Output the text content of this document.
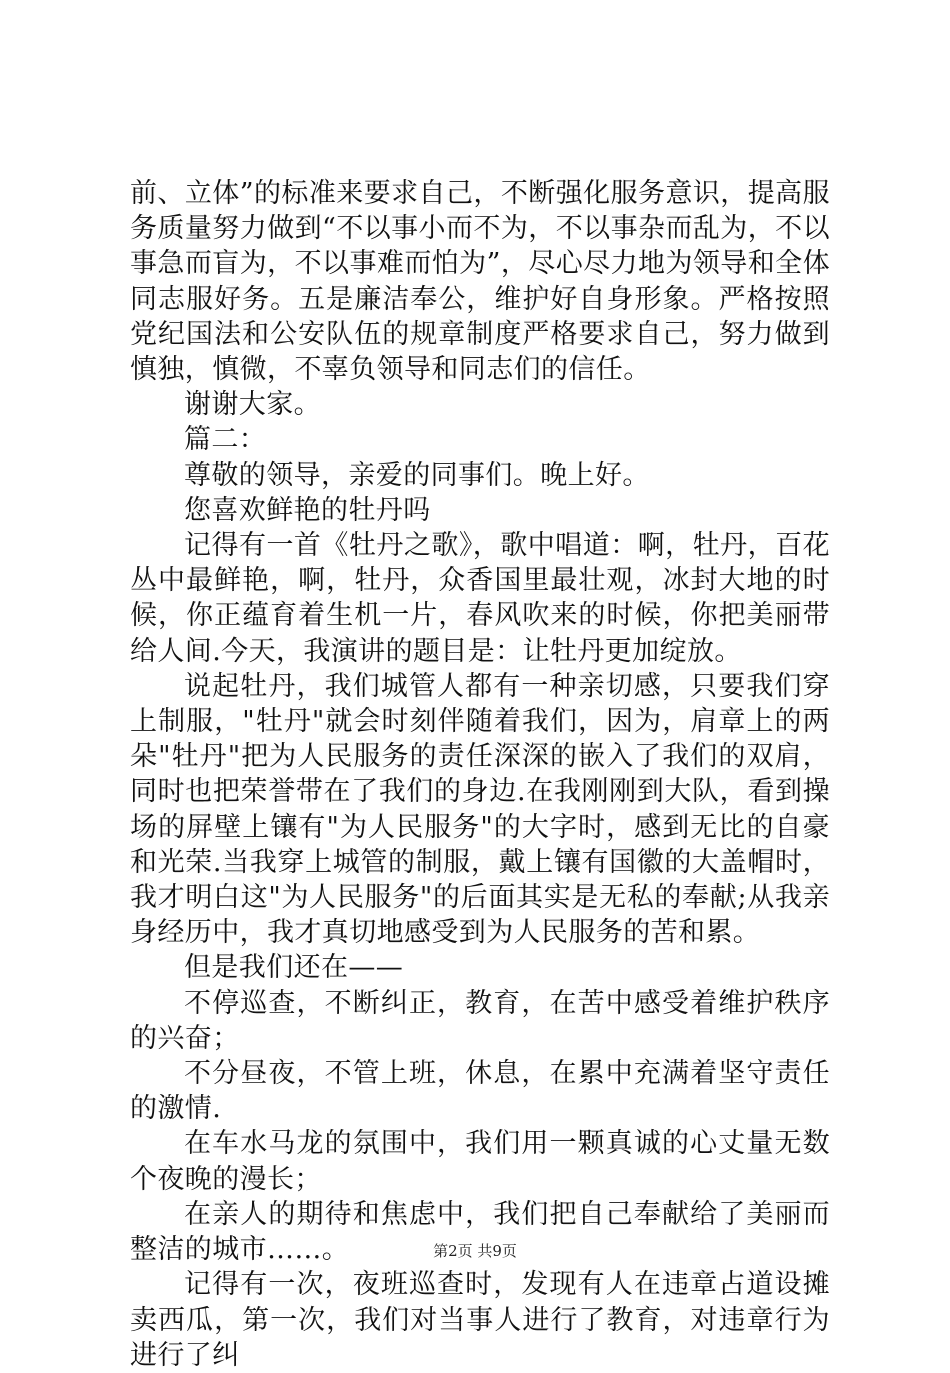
前、立体”的标准来要求自己，不断强化服务意识，提高服务质量努力做到“不以事小而不为，不以事杂而乱为，不以事急而盲为，不以事难而怕为”，尽心尽力地为领导和全体同志服好务。五是廉洁奉公，维护好自身形象。严格按照党纪国法和公安队伍的规章制度严格要求自己，努力做到慎独，慎微，不辜负领导和同志们的信任。

谢谢大家。

篇二：

尊敬的领导，亲爱的同事们。晚上好。

您喜欢鲜艳的牡丹吗

记得有一首《牡丹之歌》，歌中唱道：啊，牡丹，百花丛中最鲜艳，啊，牡丹，众香国里最壮观，冰封大地的时候，你正蕴育着生机一片，春风吹来的时候，你把美丽带给人间.今天，我演讲的题目是：让牡丹更加绽放。

说起牡丹，我们城管人都有一种亲切感，只要我们穿上制服，"牡丹"就会时刻伴随着我们，因为，肩章上的两朵"牡丹"把为人民服务的责任深深的嵌入了我们的双肩，同时也把荣誉带在了我们的身边.在我刚刚到大队，看到操场的屏壁上镶有"为人民服务"的大字时，感到无比的自豪和光荣.当我穿上城管的制服，戴上镶有国徽的大盖帽时，我才明白这"为人民服务"的后面其实是无私的奉献;从我亲身经历中，我才真切地感受到为人民服务的苦和累。

但是我们还在——

不停巡查，不断纠正，教育，在苦中感受着维护秩序的兴奋；

不分昼夜，不管上班，休息，在累中充满着坚守责任的激情.

在车水马龙的氛围中，我们用一颗真诚的心丈量无数个夜晚的漫长；

在亲人的期待和焦虑中，我们把自己奉献给了美丽而整洁的城市……。

记得有一次，夜班巡查时，发现有人在违章占道设摊卖西瓜，第一次，我们对当事人进行了教育，对违章行为进行了纠

第2页 共9页
